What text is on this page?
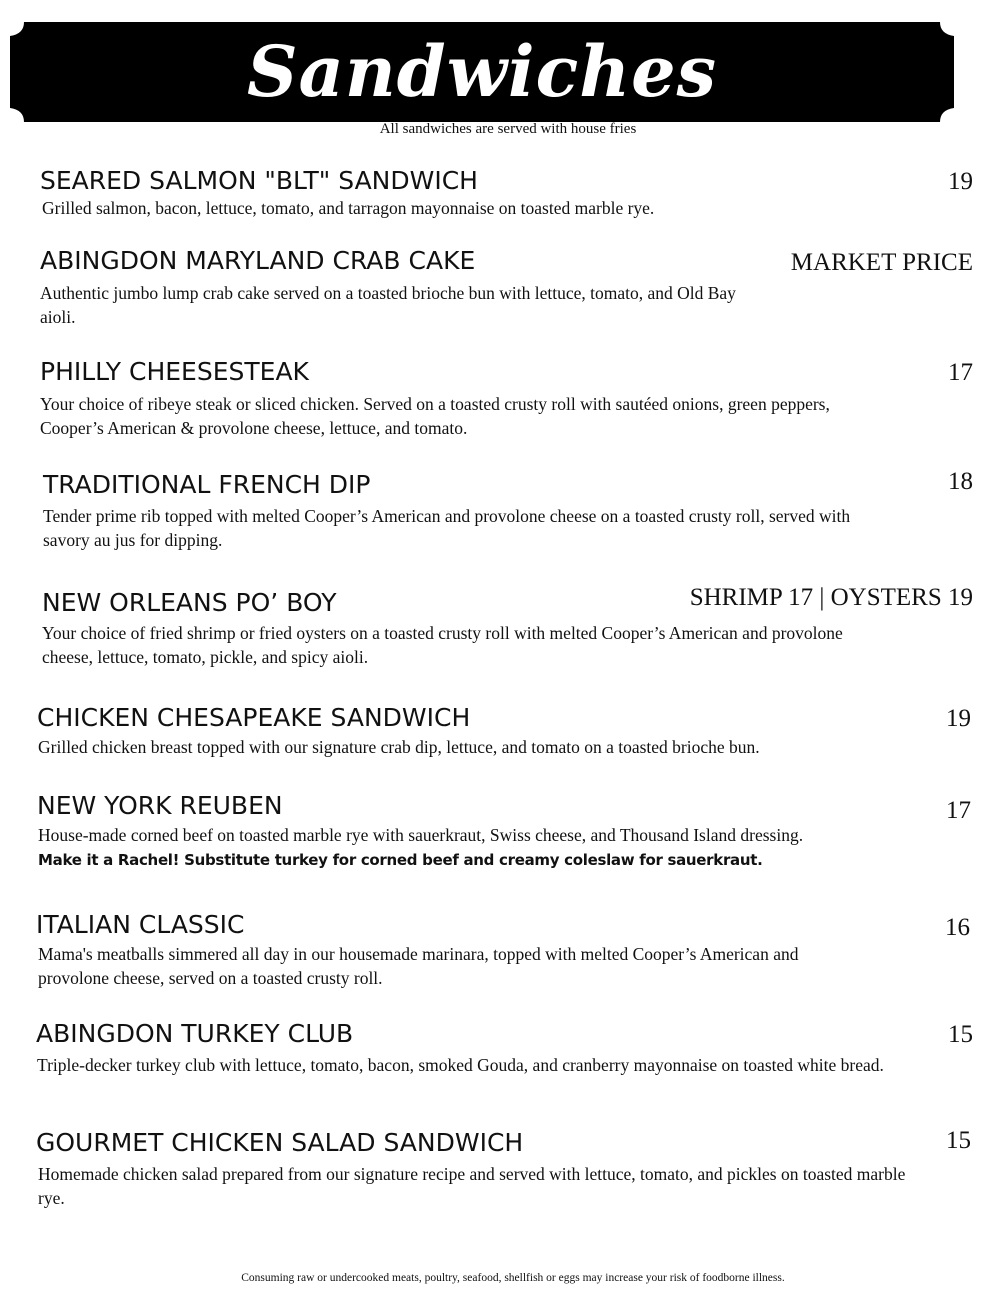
Sandwiches
All sandwiches are served with house fries
SEARED SALMON "BLT" SANDWICH	19
Grilled salmon, bacon, lettuce, tomato, and tarragon mayonnaise on toasted marble rye.
ABINGDON MARYLAND CRAB CAKE	MARKET PRICE
Authentic jumbo lump crab cake served on a toasted brioche bun with lettuce, tomato, and Old Bay aioli.
PHILLY CHEESESTEAK	17
Your choice of ribeye steak or sliced chicken. Served on a toasted crusty roll with sautéed onions, green peppers, Cooper’s American & provolone cheese, lettuce, and tomato.
TRADITIONAL FRENCH DIP	18
Tender prime rib topped with melted Cooper’s American and provolone cheese on a toasted crusty roll, served with savory au jus for dipping.
NEW ORLEANS PO’ BOY	SHRIMP 17 | OYSTERS 19
Your choice of fried shrimp or fried oysters on a toasted crusty roll with melted Cooper’s American and provolone cheese, lettuce, tomato, pickle, and spicy aioli.
CHICKEN CHESAPEAKE SANDWICH	19
Grilled chicken breast topped with our signature crab dip, lettuce, and tomato on a toasted brioche bun.
NEW YORK REUBEN	17
House-made corned beef on toasted marble rye with sauerkraut, Swiss cheese, and Thousand Island dressing.
Make it a Rachel! Substitute turkey for corned beef and creamy coleslaw for sauerkraut.
ITALIAN CLASSIC	16
Mama's meatballs simmered all day in our housemade marinara, topped with melted Cooper’s American and provolone cheese, served on a toasted crusty roll.
ABINGDON TURKEY CLUB	15
Triple-decker turkey club with lettuce, tomato, bacon, smoked Gouda, and cranberry mayonnaise on toasted white bread.
GOURMET CHICKEN SALAD SANDWICH	15
Homemade chicken salad prepared from our signature recipe and served with lettuce, tomato, and pickles on toasted marble rye.
Consuming raw or undercooked meats, poultry, seafood, shellfish or eggs may increase your risk of foodborne illness.
